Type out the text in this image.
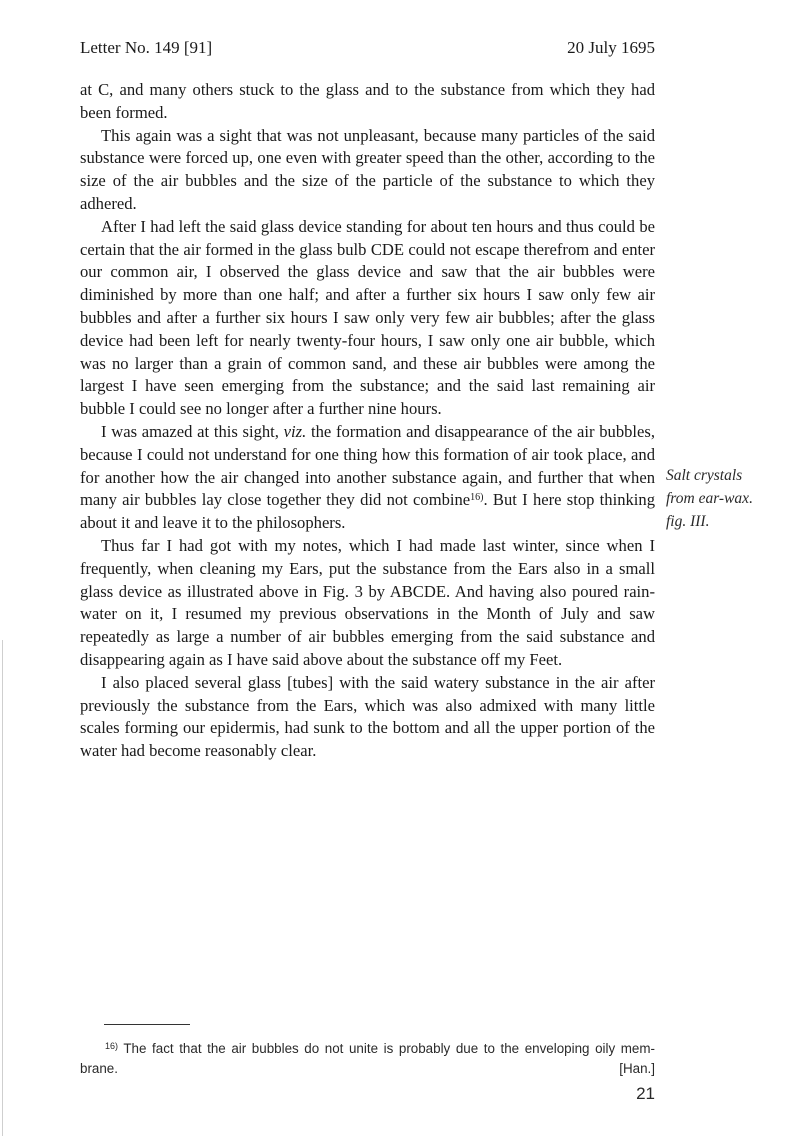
Letter No. 149 [91]	20 July 1695

at C, and many others stuck to the glass and to the substance from which they had been formed.

This again was a sight that was not unpleasant, because many particles of the said substance were forced up, one even with greater speed than the other, according to the size of the air bubbles and the size of the particle of the substance to which they adhered.

After I had left the said glass device standing for about ten hours and thus could be certain that the air formed in the glass bulb CDE could not escape therefrom and enter our common air, I observed the glass device and saw that the air bubbles were diminished by more than one half; and after a further six hours I saw only few air bubbles and after a further six hours I saw only very few air bubbles; after the glass device had been left for nearly twenty-four hours, I saw only one air bubble, which was no larger than a grain of common sand, and these air bubbles were among the largest I have seen emerging from the substance; and the said last remaining air bubble I could see no longer after a further nine hours.

I was amazed at this sight, viz. the formation and disappearance of the air bubbles, because I could not understand for one thing how this formation of air took place, and for another how the air changed into another substance again, and further that when many air bubbles lay close together they did not combine$^{16)}$. But I here stop thinking about it and leave it to the philosophers.

Thus far I had got with my notes, which I had made last winter, since when I frequently, when cleaning my Ears, put the substance from the Ears also in a small glass device as illustrated above in Fig. 3 by ABCDE. And having also poured rain-water on it, I resumed my previous observations in the Month of July and saw repeatedly as large a number of air bubbles emerging from the said substance and disappearing again as I have said above about the substance off my Feet.

I also placed several glass [tubes] with the said watery substance in the air after previously the substance from the Ears, which was also admixed with many little scales forming our epidermis, had sunk to the bottom and all the upper portion of the water had become reasonably clear.

Salt crystals
from ear-wax.
fig. III.
$^{16)}$ The fact that the air bubbles do not unite is probably due to the enveloping oily mem-
brane.	[Han.]
21
